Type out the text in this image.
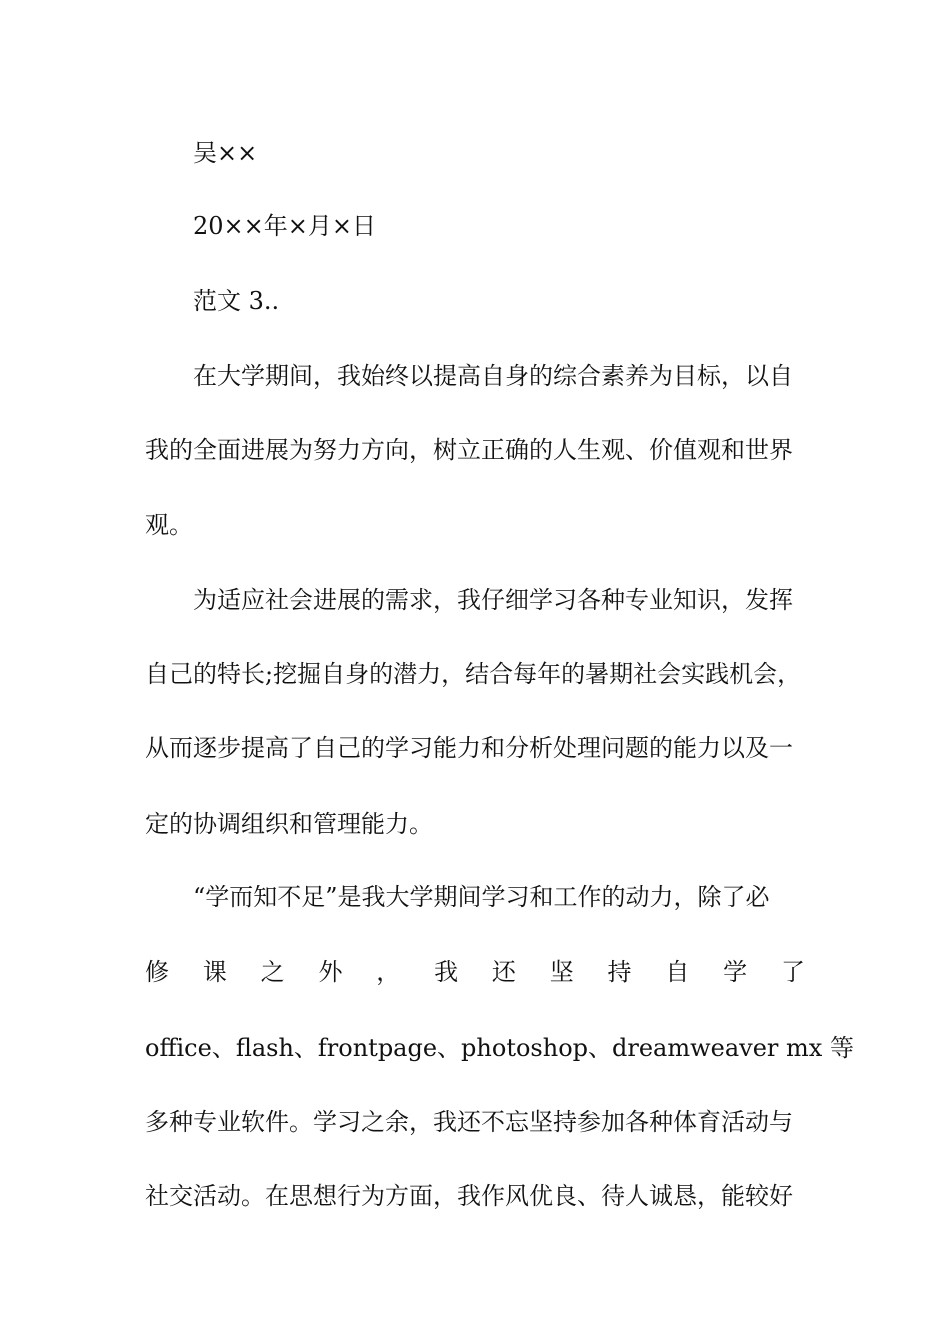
吴××
20××年×月×日
范文 3..
在大学期间，我始终以提高自身的综合素养为目标，以自
我的全面进展为努力方向，树立正确的人生观、价值观和世界
观。
为适应社会进展的需求，我仔细学习各种专业知识，发挥
自己的特长;挖掘自身的潜力，结合每年的暑期社会实践机会，
从而逐步提高了自己的学习能力和分析处理问题的能力以及一
定的协调组织和管理能力。
“学而知不足”是我大学期间学习和工作的动力，除了必
修 课 之 外 ， 我 还 坚 持 自 学 了
office、flash、frontpage、photoshop、dreamweaver mx 等
多种专业软件。学习之余，我还不忘坚持参加各种体育活动与
社交活动。在思想行为方面，我作风优良、待人诚恳，能较好
